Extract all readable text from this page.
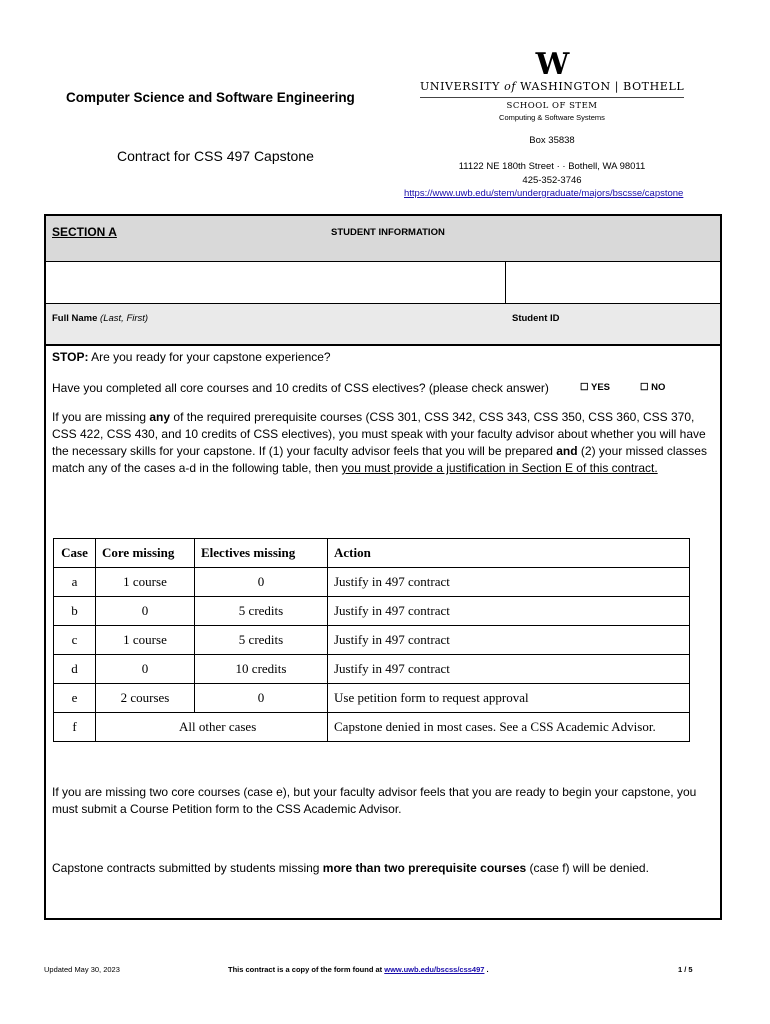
Computer Science and Software Engineering
Contract for CSS 497 Capstone
W
UNIVERSITY of WASHINGTON | BOTHELL
SCHOOL OF STEM
Computing & Software Systems
Box 35838
11122 NE 180th Street · · Bothell, WA 98011
425-352-3746
https://www.uwb.edu/stem/undergraduate/majors/bscsse/capstone
SECTION A	STUDENT INFORMATION
Full Name (Last, First)	Student ID
STOP: Are you ready for your capstone experience?
Have you completed all core courses and 10 credits of CSS electives? (please check answer)	☐ YES	☐ NO
If you are missing any of the required prerequisite courses (CSS 301, CSS 342, CSS 343, CSS 350, CSS 360, CSS 370, CSS 422, CSS 430, and 10 credits of CSS electives), you must speak with your faculty advisor about whether you will have the necessary skills for your capstone. If (1) your faculty advisor feels that you will be prepared and (2) your missed classes match any of the cases a-d in the following table, then you must provide a justification in Section E of this contract.
Case	Core missing	Electives missing	Action
a	1 course	0	Justify in 497 contract
b	0	5 credits	Justify in 497 contract
c	1 course	5 credits	Justify in 497 contract
d	0	10 credits	Justify in 497 contract
e	2 courses	0	Use petition form to request approval
f	All other cases		Capstone denied in most cases. See a CSS Academic Advisor.
If you are missing two core courses (case e), but your faculty advisor feels that you are ready to begin your capstone, you must submit a Course Petition form to the CSS Academic Advisor.
Capstone contracts submitted by students missing more than two prerequisite courses (case f) will be denied.
Updated May 30, 2023	This contract is a copy of the form found at www.uwb.edu/bscss/css497 .	1 / 5
